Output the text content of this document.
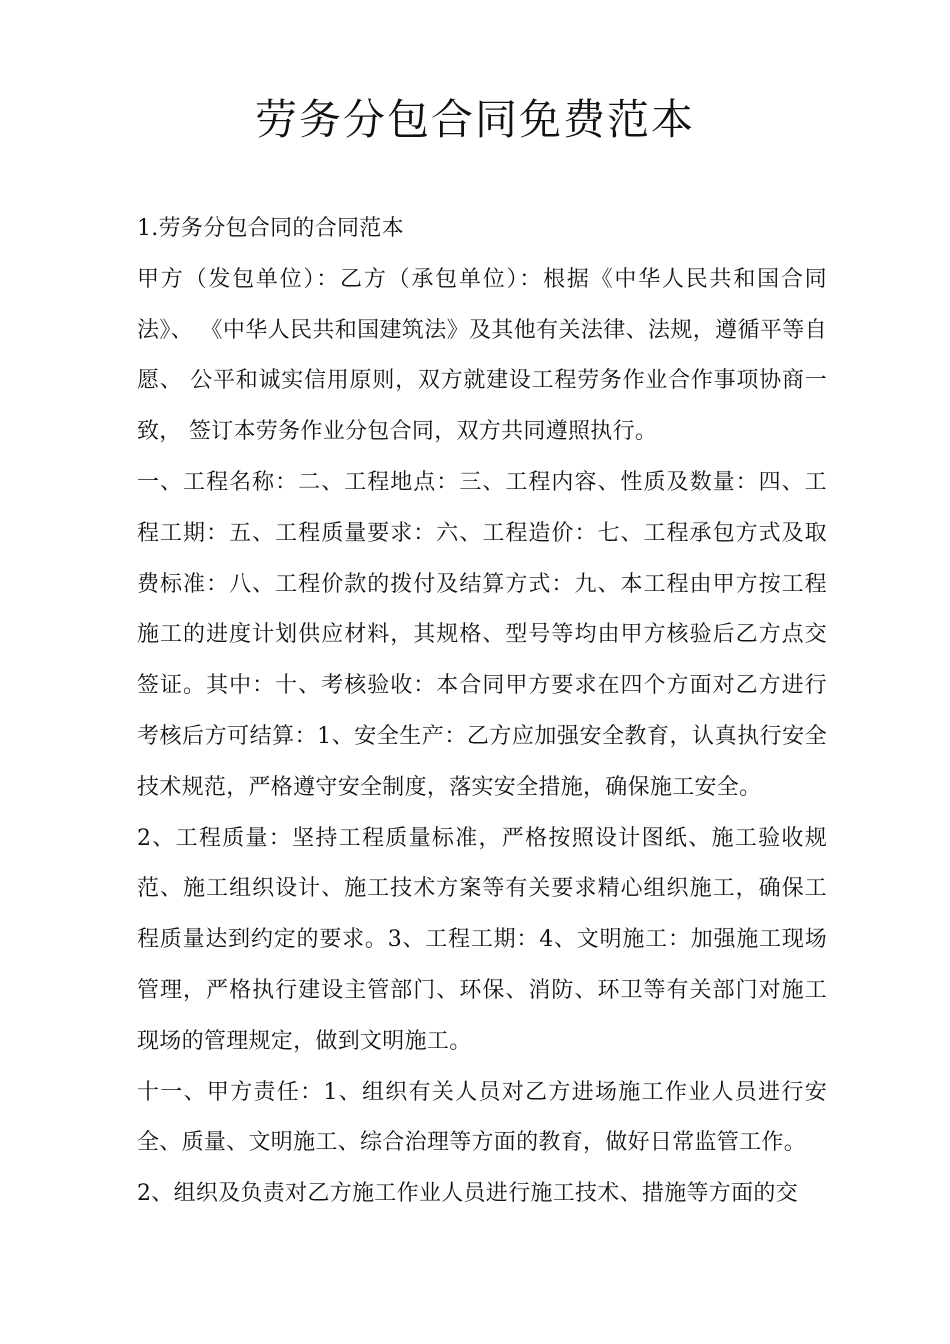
劳务分包合同免费范本

1.劳务分包合同的合同范本

甲方（发包单位）：乙方（承包单位）：根据《中华人民共和国合同法》、 《中华人民共和国建筑法》及其他有关法律、法规，遵循平等自愿、 公平和诚实信用原则，双方就建设工程劳务作业合作事项协商一致， 签订本劳务作业分包合同，双方共同遵照执行。

一、工程名称：二、工程地点：三、工程内容、性质及数量：四、工程工期：五、工程质量要求：六、工程造价：七、工程承包方式及取费标准：八、工程价款的拨付及结算方式：九、本工程由甲方按工程施工的进度计划供应材料，其规格、型号等均由甲方核验后乙方点交签证。其中：十、考核验收：本合同甲方要求在四个方面对乙方进行考核后方可结算：1、安全生产：乙方应加强安全教育，认真执行安全技术规范，严格遵守安全制度，落实安全措施，确保施工安全。

2、工程质量：坚持工程质量标准，严格按照设计图纸、施工验收规范、施工组织设计、施工技术方案等有关要求精心组织施工，确保工程质量达到约定的要求。3、工程工期：4、文明施工：加强施工现场管理，严格执行建设主管部门、环保、消防、环卫等有关部门对施工现场的管理规定，做到文明施工。

十一、甲方责任：1、组织有关人员对乙方进场施工作业人员进行安全、质量、文明施工、综合治理等方面的教育，做好日常监管工作。

2、组织及负责对乙方施工作业人员进行施工技术、措施等方面的交
